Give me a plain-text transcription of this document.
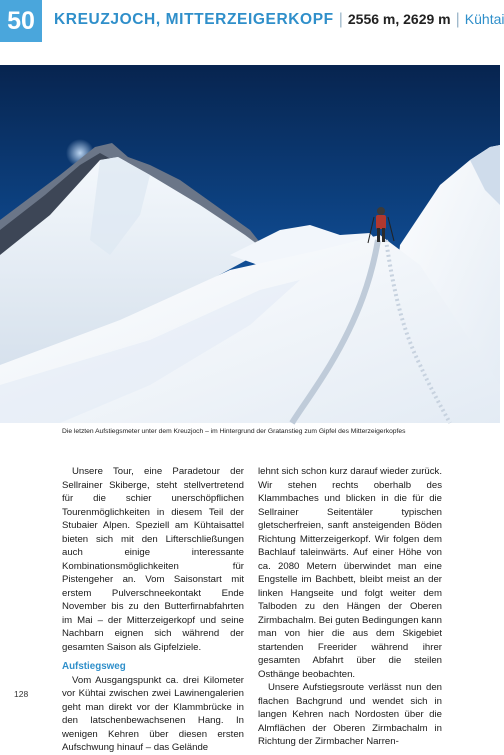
50	KREUZJOCH, MITTERZEIGERKOPF | 2556 m, 2629 m | Kühtai
Die letzten Aufstiegsmeter unter dem Kreuzjoch – im Hintergrund der Gratanstieg zum Gipfel des Mitterzeigerkopfes

Unsere Tour, eine Paradetour der Sellrainer Skiberge, steht stellvertretend für die schier unerschöpflichen Tourenmöglichkeiten in diesem Teil der Stubaier Alpen. Speziell am Kühtaisattel bieten sich mit den Lifterschließungen auch einige interessante Kombinationsmöglichkeiten für Pistengeher an. Vom Saisonstart mit erstem Pulverschneekontakt Ende November bis zu den Butterfirnabfahrten im Mai – der Mitterzeigerkopf und seine Nachbarn eignen sich während der gesamten Saison als Gipfelziele.

Aufstiegsweg

Vom Ausgangspunkt ca. drei Kilometer vor Kühtai zwischen zwei Lawinengalerien geht man direkt vor der Klammbrücke in den latschenbewachsenen Hang. In wenigen Kehren über diesen ersten Aufschwung hinauf – das Gelände

lehnt sich schon kurz darauf wieder zurück. Wir stehen rechts oberhalb des Klammbaches und blicken in die für die Sellrainer Seitentäler typischen gletscherfreien, sanft ansteigenden Böden Richtung Mitterzeigerkopf. Wir folgen dem Bachlauf taleinwärts. Auf einer Höhe von ca. 2080 Metern überwindet man eine Engstelle im Bachbett, bleibt meist an der linken Hangseite und folgt weiter dem Talboden zu den Hängen der Oberen Zirmbachalm. Bei guten Bedingungen kann man von hier die aus dem Skigebiet startenden Freerider während ihrer gesamten Abfahrt über die steilen Osthänge beobachten.

Unsere Aufstiegsroute verlässt nun den flachen Bachgrund und wendet sich in langen Kehren nach Nordosten über die Almflächen der Oberen Zirmbachalm in Richtung der Zirmbacher Narren-

128
